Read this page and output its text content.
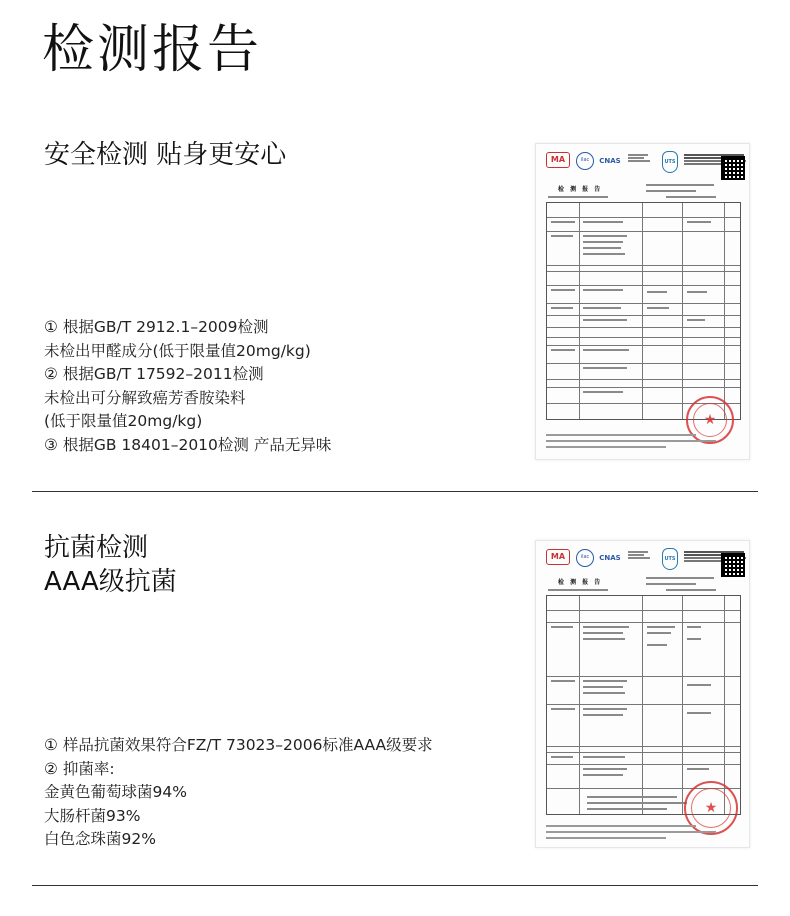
检测报告
安全检测 贴身更安心
① 根据GB/T 2912.1–2009检测
未检出甲醛成分(低于限量值20mg/kg)
② 根据GB/T 17592–2011检测
未检出可分解致癌芳香胺染料
(低于限量值20mg/kg)
③ 根据GB 18401–2010检测 产品无异味
MA	ilac	CNAS	UTS
检 测 报 告
★
抗菌检测
AAA级抗菌
① 样品抗菌效果符合FZ/T 73023–2006标准AAA级要求
② 抑菌率:
金黄色葡萄球菌94%
大肠杆菌93%
白色念珠菌92%
MA	ilac	CNAS	UTS
检 测 报 告
★
